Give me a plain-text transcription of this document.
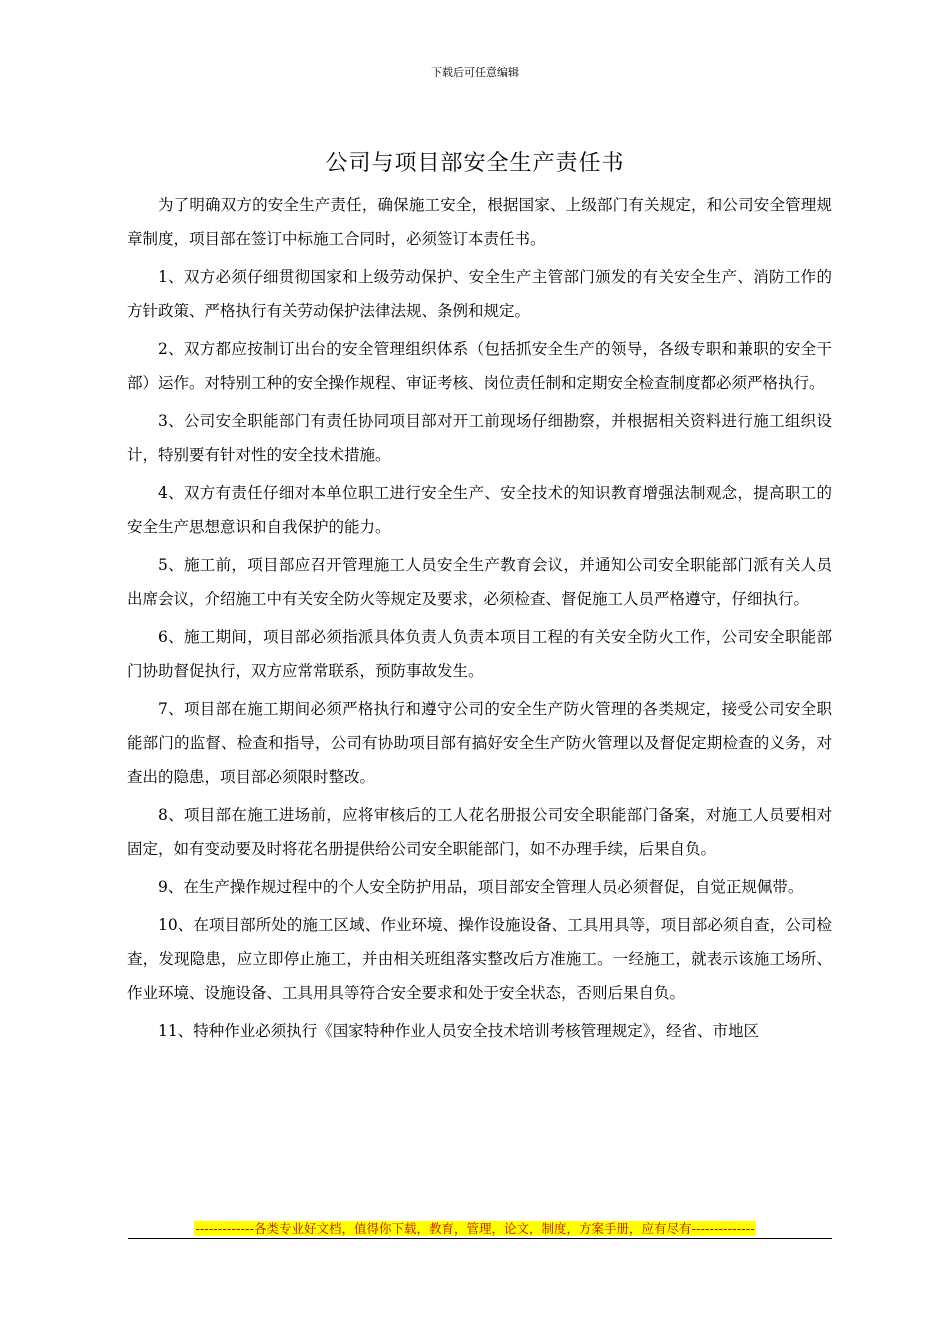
下载后可任意编辑
公司与项目部安全生产责任书

为了明确双方的安全生产责任，确保施工安全，根据国家、上级部门有关规定，和公司安全管理规章制度，项目部在签订中标施工合同时，必须签订本责任书。

1、双方必须仔细贯彻国家和上级劳动保护、安全生产主管部门颁发的有关安全生产、消防工作的方针政策、严格执行有关劳动保护法律法规、条例和规定。

2、双方都应按制订出台的安全管理组织体系（包括抓安全生产的领导，各级专职和兼职的安全干部）运作。对特别工种的安全操作规程、审证考核、岗位责任制和定期安全检查制度都必须严格执行。

3、公司安全职能部门有责任协同项目部对开工前现场仔细勘察，并根据相关资料进行施工组织设计，特别要有针对性的安全技术措施。

4、双方有责任仔细对本单位职工进行安全生产、安全技术的知识教育增强法制观念，提高职工的安全生产思想意识和自我保护的能力。

5、施工前，项目部应召开管理施工人员安全生产教育会议，并通知公司安全职能部门派有关人员出席会议，介绍施工中有关安全防火等规定及要求，必须检查、督促施工人员严格遵守，仔细执行。

6、施工期间，项目部必须指派具体负责人负责本项目工程的有关安全防火工作，公司安全职能部门协助督促执行，双方应常常联系，预防事故发生。

7、项目部在施工期间必须严格执行和遵守公司的安全生产防火管理的各类规定，接受公司安全职能部门的监督、检查和指导，公司有协助项目部有搞好安全生产防火管理以及督促定期检查的义务，对查出的隐患，项目部必须限时整改。

8、项目部在施工进场前，应将审核后的工人花名册报公司安全职能部门备案，对施工人员要相对固定，如有变动要及时将花名册提供给公司安全职能部门，如不办理手续，后果自负。

9、在生产操作规过程中的个人安全防护用品，项目部安全管理人员必须督促，自觉正规佩带。

10、在项目部所处的施工区域、作业环境、操作设施设备、工具用具等，项目部必须自查，公司检查，发现隐患，应立即停止施工，并由相关班组落实整改后方准施工。一经施工，就表示该施工场所、作业环境、设施设备、工具用具等符合安全要求和处于安全状态，否则后果自负。

11、特种作业必须执行《国家特种作业人员安全技术培训考核管理规定》，经省、市地区

-------------各类专业好文档，值得你下载，教育，管理，论文，制度，方案手册，应有尽有--------------
